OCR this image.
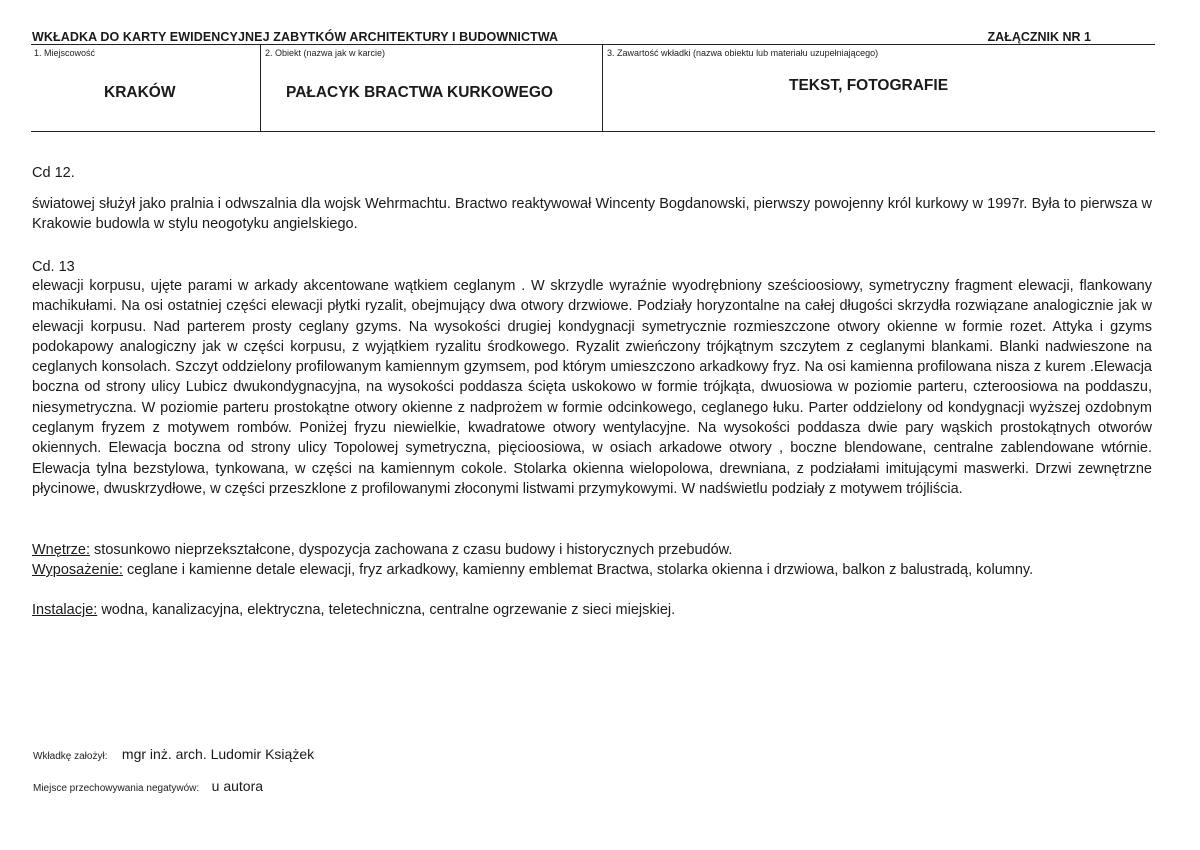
WKŁADKA DO KARTY EWIDENCYJNEJ ZABYTKÓW ARCHITEKTURY I BUDOWNICTWA	ZAŁĄCZNIK NR 1
1. Miejscowość
KRAKÓW
2. Obiekt (nazwa jak w karcie)
PAŁACYK BRACTWA KURKOWEGO
3. Zawartość wkładki (nazwa obiektu lub materiału uzupełniającego)
TEKST, FOTOGRAFIE

Cd 12.

światowej służył jako pralnia i odwszalnia dla wojsk Wehrmachtu. Bractwo reaktywował Wincenty Bogdanowski, pierwszy powojenny król kurkowy w 1997r. Była to pierwsza w Krakowie budowla w stylu neogotyku angielskiego.

Cd. 13

elewacji korpusu, ujęte parami w arkady akcentowane wątkiem ceglanym . W skrzydle wyraźnie wyodrębniony sześcioosiowy, symetryczny fragment elewacji, flankowany machikułami. Na osi ostatniej części elewacji płytki ryzalit, obejmujący dwa otwory drzwiowe. Podziały horyzontalne na całej długości skrzydła rozwiązane analogicznie jak w elewacji korpusu. Nad parterem prosty ceglany gzyms. Na wysokości drugiej kondygnacji symetrycznie rozmieszczone otwory okienne w formie rozet. Attyka i gzyms podokapowy analogiczny jak w części korpusu, z wyjątkiem ryzalitu środkowego. Ryzalit zwieńczony trójkątnym szczytem z ceglanymi blankami. Blanki nadwieszone na ceglanych konsolach. Szczyt oddzielony profilowanym kamiennym gzymsem, pod którym umieszczono arkadkowy fryz. Na osi kamienna profilowana nisza z kurem .Elewacja boczna od strony ulicy Lubicz dwukondygnacyjna, na wysokości poddasza ścięta uskokowo w formie trójkąta, dwuosiowa w poziomie parteru, czteroosiowa na poddaszu, niesymetryczna. W poziomie parteru prostokątne otwory okienne z nadprożem w formie odcinkowego, ceglanego łuku. Parter oddzielony od kondygnacji wyższej ozdobnym ceglanym fryzem z motywem rombów. Poniżej fryzu niewielkie, kwadratowe otwory wentylacyjne. Na wysokości poddasza dwie pary wąskich prostokątnych otworów okiennych. Elewacja boczna od strony ulicy Topolowej symetryczna, pięcioosiowa, w osiach arkadowe otwory , boczne blendowane, centralne zablendowane wtórnie. Elewacja tylna bezstylowa, tynkowana, w części na kamiennym cokole. Stolarka okienna wielopolowa, drewniana, z podziałami imitującymi maswerki. Drzwi zewnętrzne płycinowe, dwuskrzydłowe, w części przeszklone z profilowanymi złoconymi listwami przymykowymi. W nadświetlu podziały z motywem trójliścia.

Wnętrze: stosunkowo nieprzekształcone, dyspozycja zachowana z czasu budowy i historycznych przebudów.

Wyposażenie: ceglane i kamienne detale elewacji, fryz arkadkowy, kamienny emblemat Bractwa, stolarka okienna i drzwiowa, balkon z balustradą, kolumny.

Instalacje: wodna, kanalizacyjna, elektryczna, teletechniczna, centralne ogrzewanie z sieci miejskiej.

Wkładkę założył: mgr inż. arch. Ludomir Książek
Miejsce przechowywania negatywów: u autora
